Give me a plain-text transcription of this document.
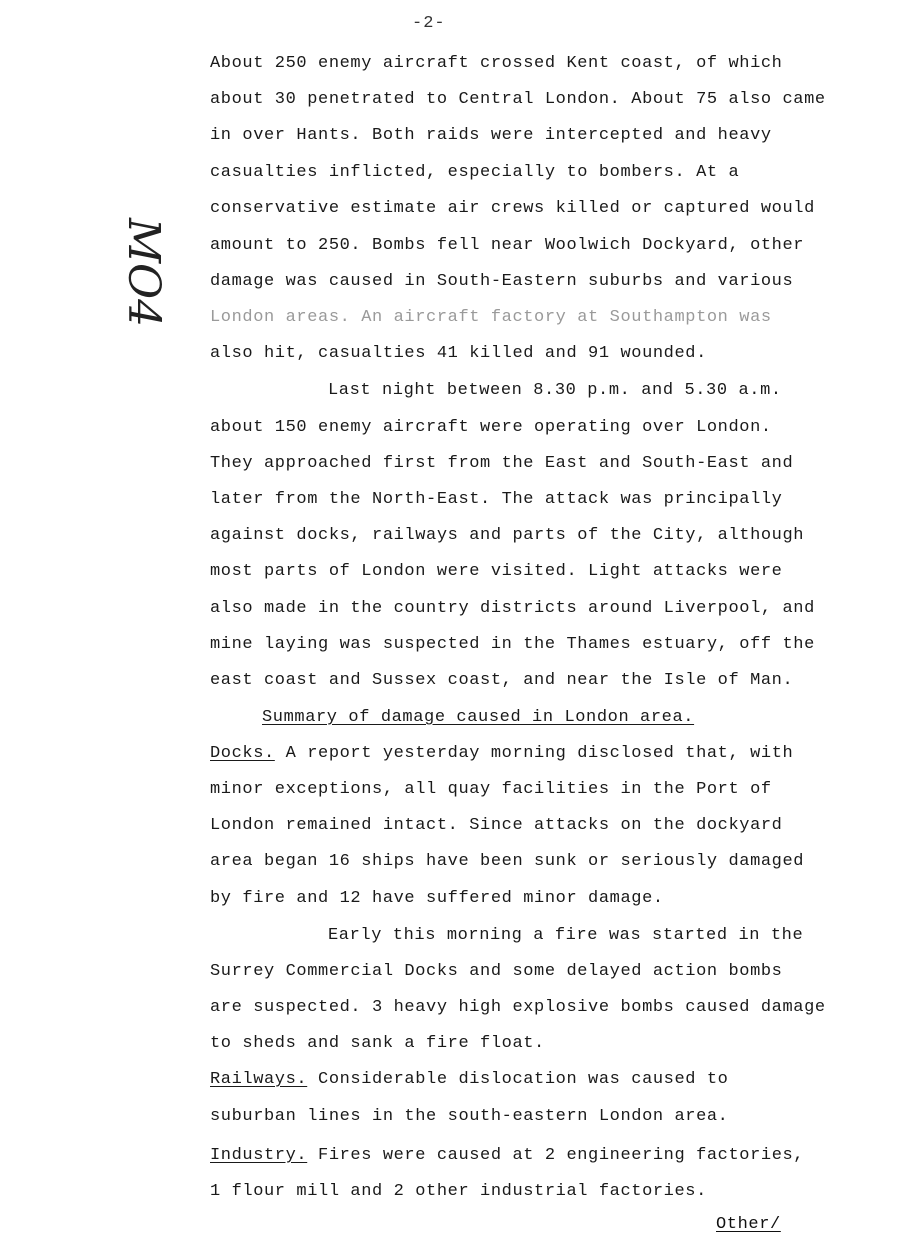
-2-
MO4
About 250 enemy aircraft crossed Kent coast, of which
about 30 penetrated to Central London. About 75 also came
in over Hants. Both raids were intercepted and heavy
casualties inflicted, especially to bombers. At a
conservative estimate air crews killed or captured would
amount to 250. Bombs fell near Woolwich Dockyard, other
damage was caused in South-Eastern suburbs and various
London areas. An aircraft factory at Southampton was
also hit, casualties 41 killed and 91 wounded.
Last night between 8.30 p.m. and 5.30 a.m.
about 150 enemy aircraft were operating over London.
They approached first from the East and South-East and
later from the North-East. The attack was principally
against docks, railways and parts of the City, although
most parts of London were visited. Light attacks were
also made in the country districts around Liverpool, and
mine laying was suspected in the Thames estuary, off the
east coast and Sussex coast, and near the Isle of Man.
Summary of damage caused in London area.
Docks. A report yesterday morning disclosed that, with
minor exceptions, all quay facilities in the Port of
London remained intact. Since attacks on the dockyard
area began 16 ships have been sunk or seriously damaged
by fire and 12 have suffered minor damage.
Early this morning a fire was started in the
Surrey Commercial Docks and some delayed action bombs
are suspected. 3 heavy high explosive bombs caused damage
to sheds and sank a fire float.
Railways. Considerable dislocation was caused to
suburban lines in the south-eastern London area.
Industry. Fires were caused at 2 engineering factories,
1 flour mill and 2 other industrial factories.
Other/
